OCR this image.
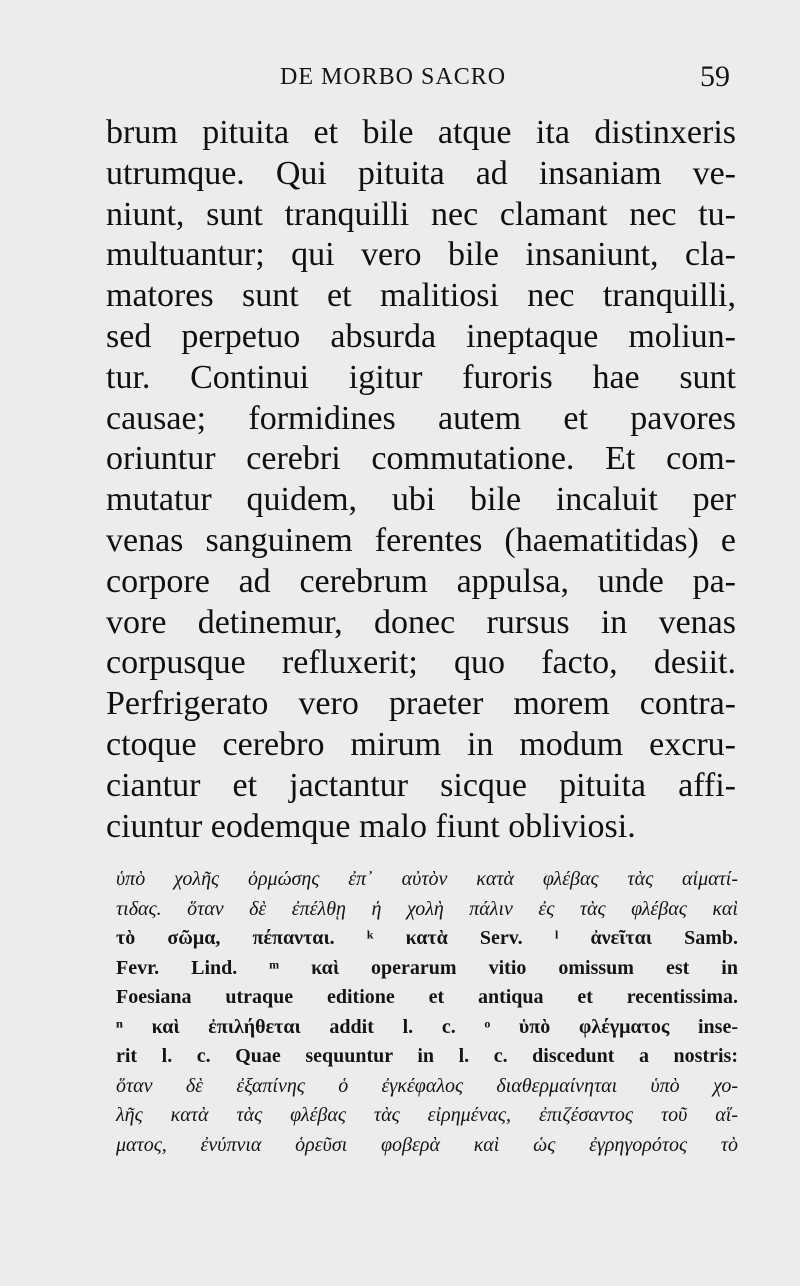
DE MORBO SACRO	59
brum pituita et bile atque ita distinxeris
utrumque. Qui pituita ad insaniam ve-
niunt, sunt tranquilli nec clamant nec tu-
multuantur; qui vero bile insaniunt, cla-
matores sunt et malitiosi nec tranquilli,
sed perpetuo absurda ineptaque moliun-
tur. Continui igitur furoris hae sunt
causae; formidines autem et pavores
oriuntur cerebri commutatione. Et com-
mutatur quidem, ubi bile incaluit per
venas sanguinem ferentes (haematitidas) e
corpore ad cerebrum appulsa, unde pa-
vore detinemur, donec rursus in venas
corpusque refluxerit; quo facto, desiit.
Perfrigerato vero praeter morem contra-
ctoque cerebro mirum in modum excru-
ciantur et jactantur sicque pituita affi-
ciuntur eodemque malo fiunt obliviosi.
ὑπὸ χολῆς ὁρμώσης ἐπ᾿ αὐτὸν κατὰ φλέβας τὰς αἱματί-
τιδας. ὅταν δὲ ἐπέλθῃ ἡ χολὴ πάλιν ἐς τὰς φλέβας καὶ
τὸ σῶμα, πέπανται. ᵏ κατὰ Serv. ˡ ἀνεῖται Samb.
Fevr. Lind. ᵐ καὶ operarum vitio omissum est in
Foesiana utraque editione et antiqua et recentissima.
ⁿ καὶ ἐπιλήθεται addit l. c. ᵒ ὑπὸ φλέγματος inse-
rit l. c. Quae sequuntur in l. c. discedunt a nostris:
ὅταν δὲ ἐξαπίνης ὁ ἐγκέφαλος διαθερμαίνηται ὑπὸ χο-
λῆς κατὰ τὰς φλέβας τὰς εἰρημένας, ἐπιζέσαντος τοῦ αἵ-
ματος, ἐνύπνια ὁρεῦσι φοβερὰ καὶ ὡς ἐγρηγορότος τὸ
